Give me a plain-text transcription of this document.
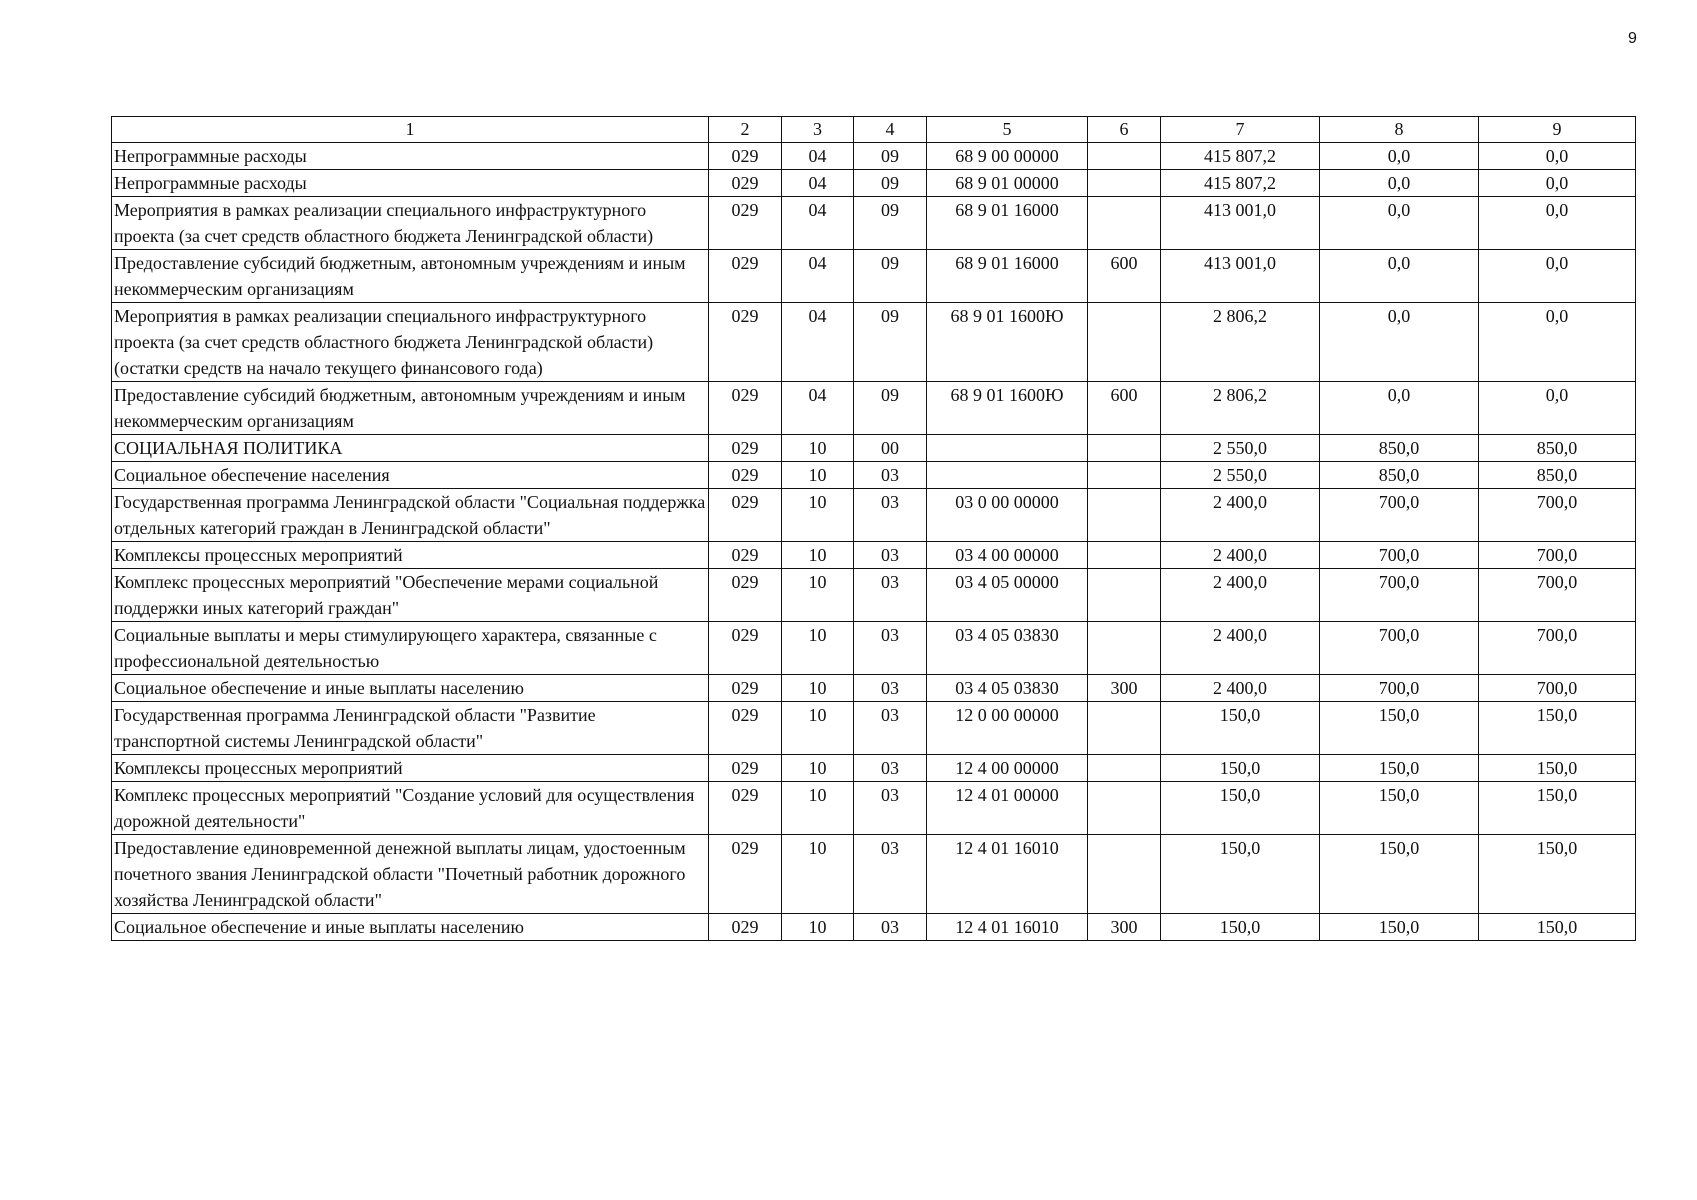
9
1	2	3	4	5	6	7	8	9
Непрограммные расходы	029	04	09	68 9 00 00000		415 807,2	0,0	0,0
Непрограммные расходы	029	04	09	68 9 01 00000		415 807,2	0,0	0,0
Мероприятия в рамках реализации специального инфраструктурного проекта (за счет средств областного бюджета Ленинградской области)	029	04	09	68 9 01 16000		413 001,0	0,0	0,0
Предоставление субсидий бюджетным, автономным учреждениям и иным некоммерческим организациям	029	04	09	68 9 01 16000	600	413 001,0	0,0	0,0
Мероприятия в рамках реализации специального инфраструктурного проекта (за счет средств областного бюджета Ленинградской области) (остатки средств на начало текущего финансового года)	029	04	09	68 9 01 1600Ю		2 806,2	0,0	0,0
Предоставление субсидий бюджетным, автономным учреждениям и иным некоммерческим организациям	029	04	09	68 9 01 1600Ю	600	2 806,2	0,0	0,0
СОЦИАЛЬНАЯ ПОЛИТИКА	029	10	00			2 550,0	850,0	850,0
Социальное обеспечение населения	029	10	03			2 550,0	850,0	850,0
Государственная программа Ленинградской области "Социальная поддержка отдельных категорий граждан в Ленинградской области"	029	10	03	03 0 00 00000		2 400,0	700,0	700,0
Комплексы процессных мероприятий	029	10	03	03 4 00 00000		2 400,0	700,0	700,0
Комплекс процессных мероприятий "Обеспечение мерами социальной поддержки иных категорий граждан"	029	10	03	03 4 05 00000		2 400,0	700,0	700,0
Социальные выплаты и меры стимулирующего характера, связанные с профессиональной деятельностью	029	10	03	03 4 05 03830		2 400,0	700,0	700,0
Социальное обеспечение и иные выплаты населению	029	10	03	03 4 05 03830	300	2 400,0	700,0	700,0
Государственная программа Ленинградской области "Развитие транспортной системы Ленинградской области"	029	10	03	12 0 00 00000		150,0	150,0	150,0
Комплексы процессных мероприятий	029	10	03	12 4 00 00000		150,0	150,0	150,0
Комплекс процессных мероприятий "Создание условий для осуществления дорожной деятельности"	029	10	03	12 4 01 00000		150,0	150,0	150,0
Предоставление единовременной денежной выплаты лицам, удостоенным почетного звания Ленинградской области "Почетный работник дорожного хозяйства Ленинградской области"	029	10	03	12 4 01 16010		150,0	150,0	150,0
Социальное обеспечение и иные выплаты населению	029	10	03	12 4 01 16010	300	150,0	150,0	150,0
